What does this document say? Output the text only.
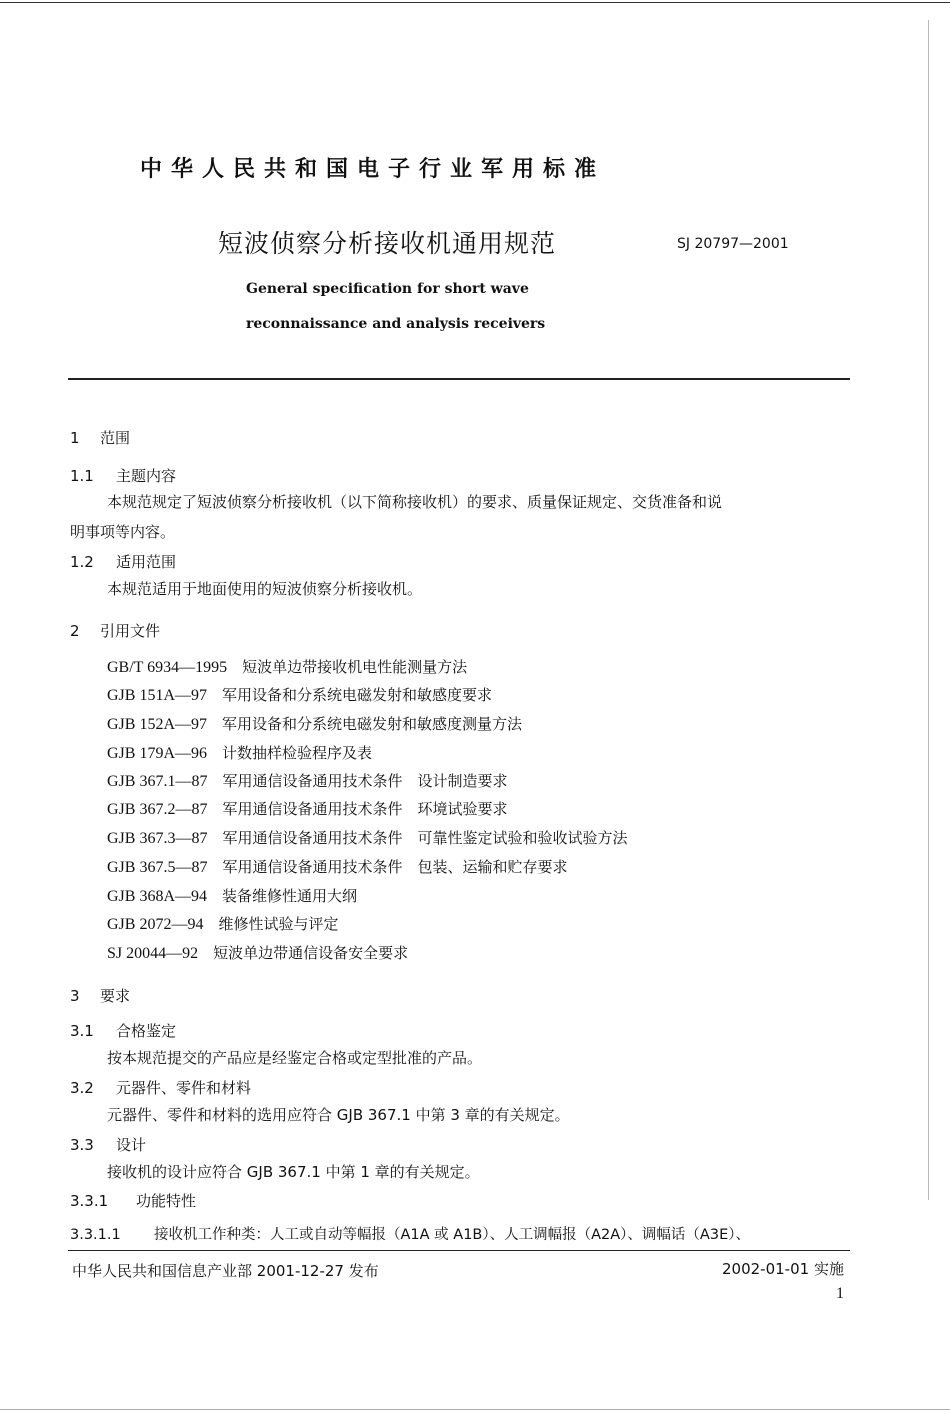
中华人民共和国电子行业军用标准
短波侦察分析接收机通用规范	SJ 20797—2001
General specification for short wave
reconnaissance and analysis receivers
1 范围
1.1 主题内容
本规范规定了短波侦察分析接收机（以下简称接收机）的要求、质量保证规定、交货准备和说
明事项等内容。
1.2 适用范围
本规范适用于地面使用的短波侦察分析接收机。
2 引用文件
GB/T 6934—1995　 短波单边带接收机电性能测量方法
GJB 151A—97　 军用设备和分系统电磁发射和敏感度要求
GJB 152A—97　 军用设备和分系统电磁发射和敏感度测量方法
GJB 179A—96　 计数抽样检验程序及表
GJB 367.1—87　 军用通信设备通用技术条件　设计制造要求
GJB 367.2—87　 军用通信设备通用技术条件　环境试验要求
GJB 367.3—87　 军用通信设备通用技术条件　可靠性鉴定试验和验收试验方法
GJB 367.5—87　 军用通信设备通用技术条件　包装、运输和贮存要求
GJB 368A—94　 装备维修性通用大纲
GJB 2072—94　 维修性试验与评定
SJ 20044—92　 短波单边带通信设备安全要求
3 要求
3.1 合格鉴定
按本规范提交的产品应是经鉴定合格或定型批准的产品。
3.2 元器件、零件和材料
元器件、零件和材料的选用应符合 GJB 367.1 中第 3 章的有关规定。
3.3 设计
接收机的设计应符合 GJB 367.1 中第 1 章的有关规定。
3.3.1 功能特性
3.3.1.1 接收机工作种类：人工或自动等幅报（A1A 或 A1B）、人工调幅报（A2A）、调幅话（A3E）、
中华人民共和国信息产业部 2001-12-27 发布	2002-01-01 实施
1
